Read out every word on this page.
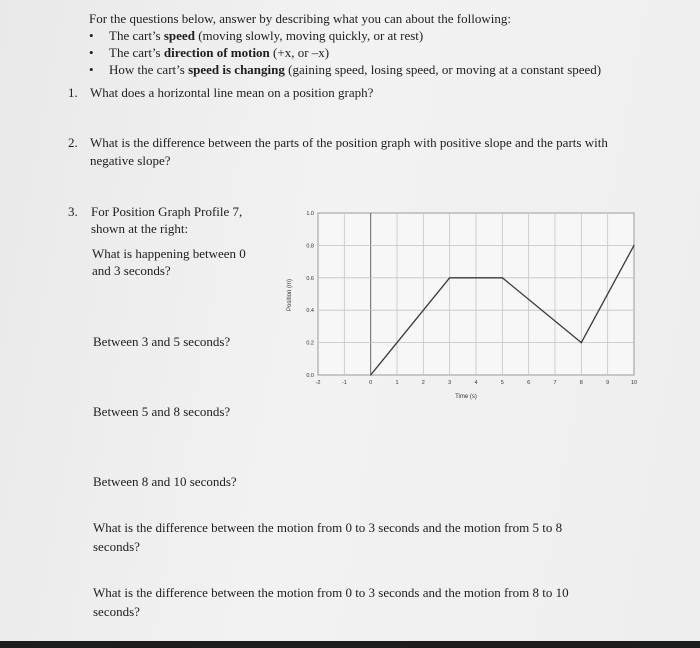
For the questions below, answer by describing what you can about the following:
• The cart’s speed (moving slowly, moving quickly, or at rest)
• The cart’s direction of motion (+x, or –x)
• How the cart’s speed is changing (gaining speed, losing speed, or moving at a constant speed)
1. What does a horizontal line mean on a position graph?
2. What is the difference between the parts of the position graph with positive slope and the parts with
negative slope?
3. For Position Graph Profile 7,
shown at the right:
What is happening between 0
and 3 seconds?
Between 3 and 5 seconds?
Between 5 and 8 seconds?
Between 8 and 10 seconds?
What is the difference between the motion from 0 to 3 seconds and the motion from 5 to 8
seconds?
What is the difference between the motion from 0 to 3 seconds and the motion from 8 to 10
seconds?
-2	-1	0	1	2	3	4	5	6	7	8	9	10
0.0
0.2
0.4
0.6
0.8
1.0
Position (m)
Time (s)
